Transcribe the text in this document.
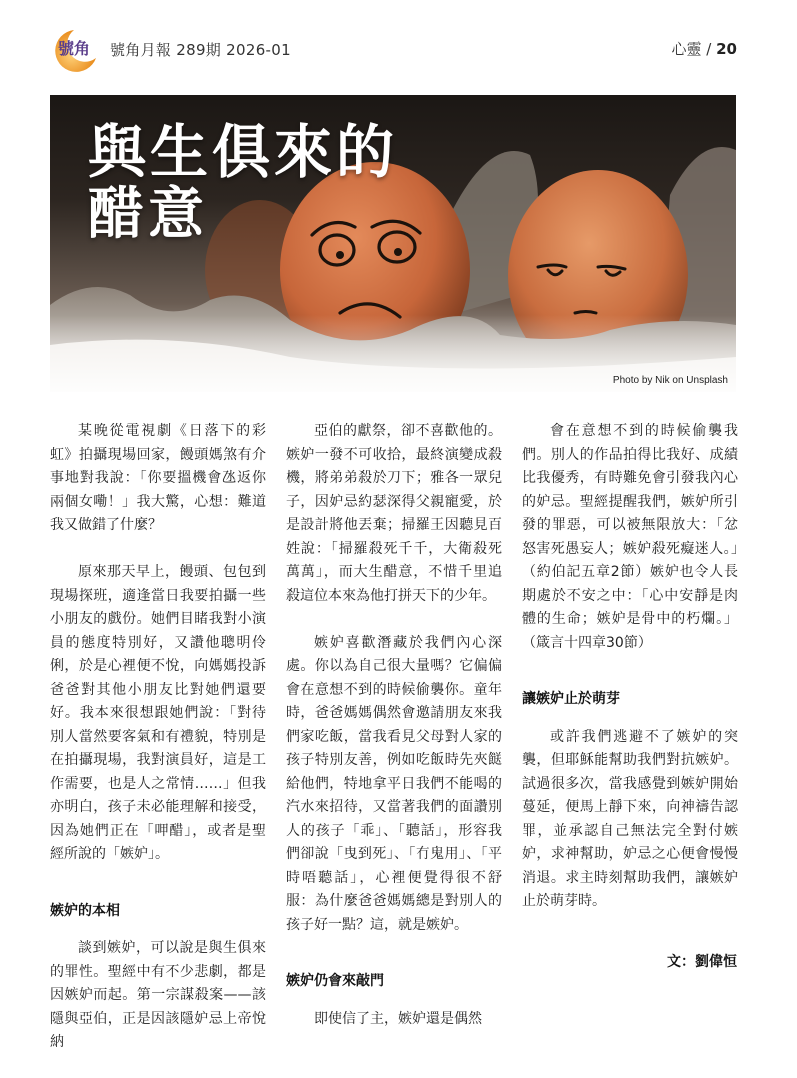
號角 號角月報 289期 2026-01	心靈 / 20
與生俱來的
醋意
Photo by Nik on Unsplash

某晚從電視劇《日落下的彩虹》拍攝現場回家，饅頭媽煞有介事地對我說：「你要搵機會氹返你兩個女嘞！」我大驚，心想：難道我又做錯了什麼？

原來那天早上，饅頭、包包到現場探班，適逢當日我要拍攝一些小朋友的戲份。她們目睹我對小演員的態度特別好，又讚他聰明伶俐，於是心裡便不悅，向媽媽投訴爸爸對其他小朋友比對她們還要好。我本來很想跟她們說：「對待別人當然要客氣和有禮貌，特別是在拍攝現場，我對演員好，這是工作需要，也是人之常情……」但我亦明白，孩子未必能理解和接受，因為她們正在「呷醋」，或者是聖經所說的「嫉妒」。

嫉妒的本相

談到嫉妒，可以說是與生俱來的罪性。聖經中有不少悲劇，都是因嫉妒而起。第一宗謀殺案——該隱與亞伯，正是因該隱妒忌上帝悅納

亞伯的獻祭，卻不喜歡他的。嫉妒一發不可收拾，最終演變成殺機，將弟弟殺於刀下；雅各一眾兒子，因妒忌約瑟深得父親寵愛，於是設計將他丟棄；掃羅王因聽見百姓說：「掃羅殺死千千，大衛殺死萬萬」，而大生醋意，不惜千里追殺這位本來為他打拼天下的少年。

嫉妒喜歡潛藏於我們內心深處。你以為自己很大量嗎？它偏偏會在意想不到的時候偷襲你。童年時，爸爸媽媽偶然會邀請朋友來我們家吃飯，當我看見父母對人家的孩子特別友善，例如吃飯時先夾餸給他們，特地拿平日我們不能喝的汽水來招待，又當著我們的面讚別人的孩子「乖」、「聽話」，形容我們卻說「曳到死」、「冇鬼用」、「平時唔聽話」，心裡便覺得很不舒服：為什麼爸爸媽媽總是對別人的孩子好一點？這，就是嫉妒。

嫉妒仍會來敲門

即使信了主，嫉妒還是偶然

會在意想不到的時候偷襲我們。別人的作品拍得比我好、成績比我優秀，有時難免會引發我內心的妒忌。聖經提醒我們，嫉妒所引發的罪惡，可以被無限放大：「忿怒害死愚妄人；嫉妒殺死癡迷人。」（約伯記五章2節）嫉妒也令人長期處於不安之中：「心中安靜是肉體的生命；嫉妒是骨中的朽爛。」（箴言十四章30節）

讓嫉妒止於萌芽

或許我們逃避不了嫉妒的突襲，但耶穌能幫助我們對抗嫉妒。試過很多次，當我感覺到嫉妒開始蔓延，便馬上靜下來，向神禱告認罪，並承認自己無法完全對付嫉妒，求神幫助，妒忌之心便會慢慢消退。求主時刻幫助我們，讓嫉妒止於萌芽時。

文：劉偉恒
